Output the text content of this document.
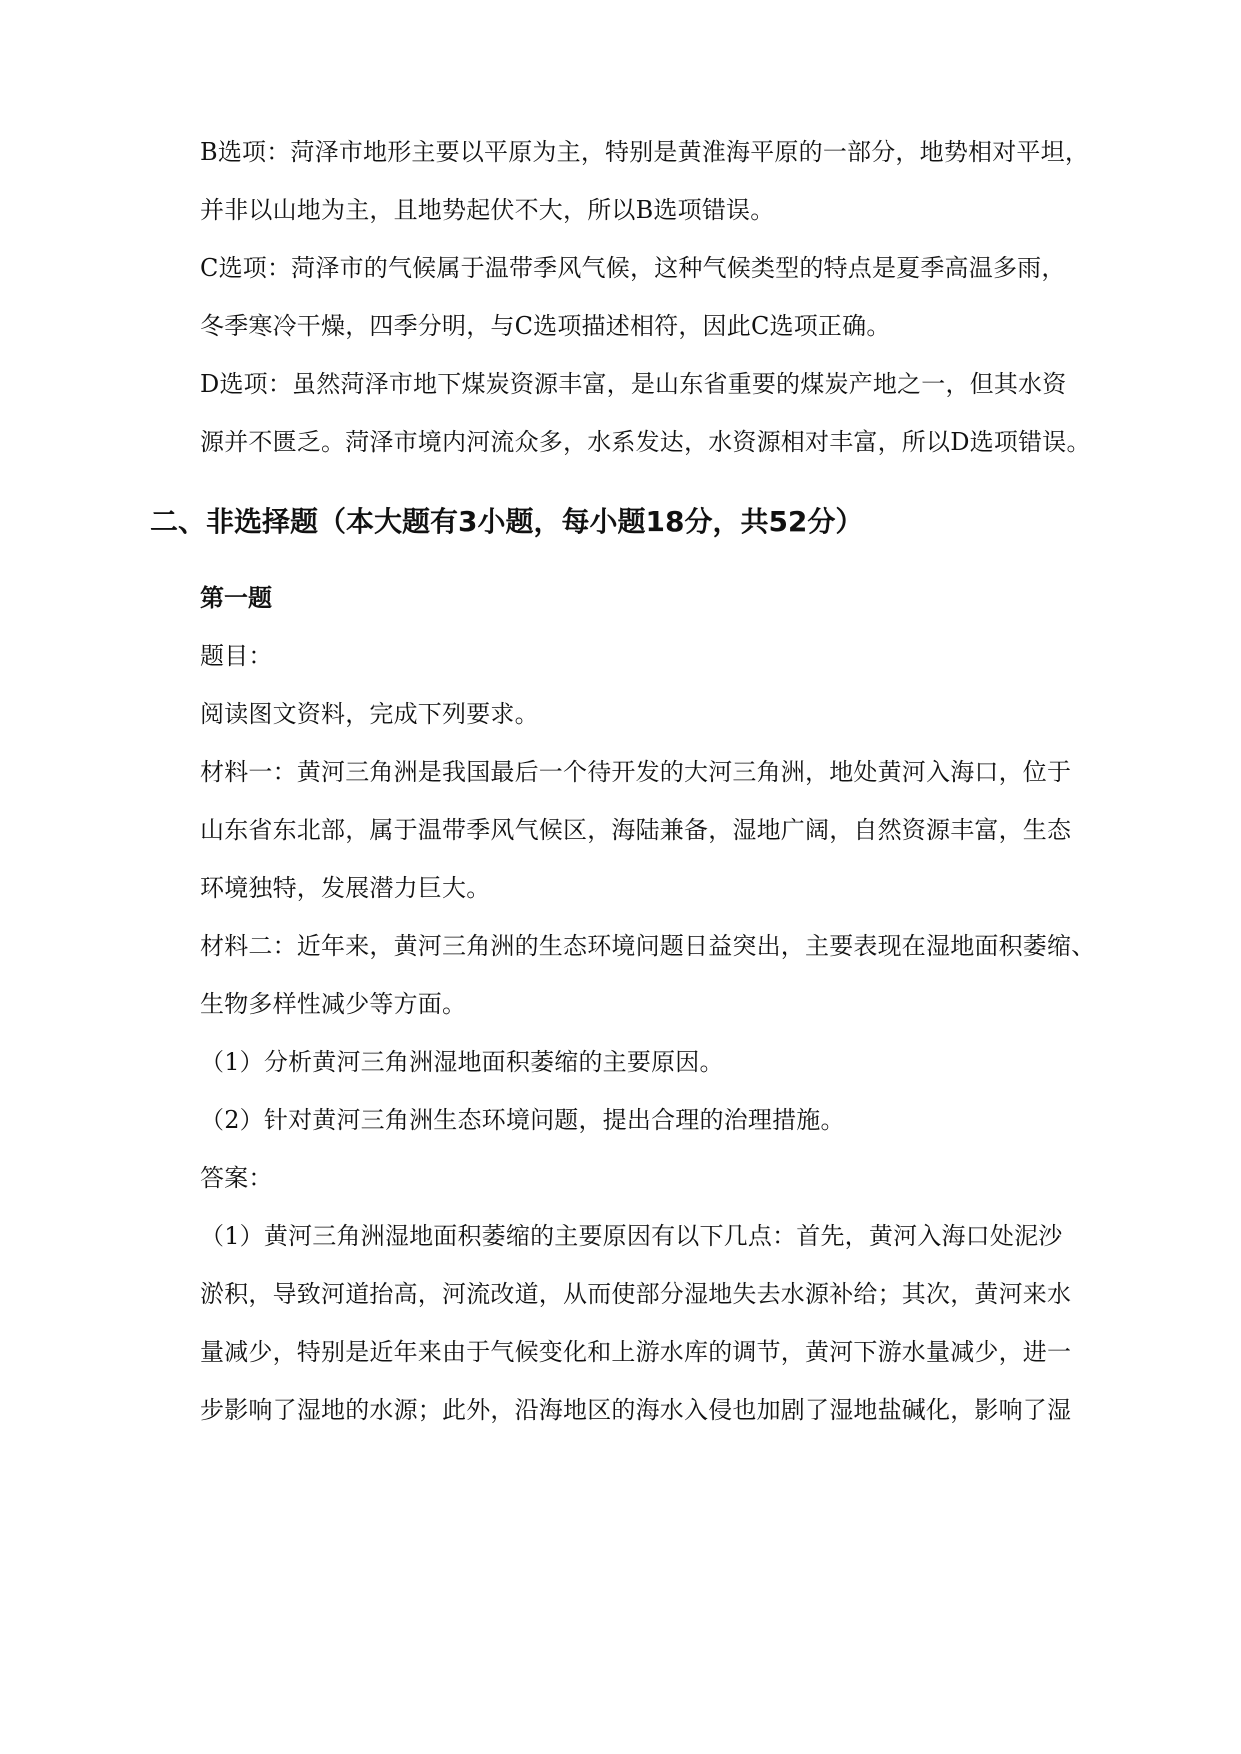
B选项：菏泽市地形主要以平原为主，特别是黄淮海平原的一部分，地势相对平坦，
并非以山地为主，且地势起伏不大，所以B选项错误。
C选项：菏泽市的气候属于温带季风气候，这种气候类型的特点是夏季高温多雨，
冬季寒冷干燥，四季分明，与C选项描述相符，因此C选项正确。
D选项：虽然菏泽市地下煤炭资源丰富，是山东省重要的煤炭产地之一，但其水资
源并不匮乏。菏泽市境内河流众多，水系发达，水资源相对丰富，所以D选项错误。
二、非选择题（本大题有3小题，每小题18分，共52分）
第一题
题目：
阅读图文资料，完成下列要求。
材料一：黄河三角洲是我国最后一个待开发的大河三角洲，地处黄河入海口，位于
山东省东北部，属于温带季风气候区，海陆兼备，湿地广阔，自然资源丰富，生态
环境独特，发展潜力巨大。
材料二：近年来，黄河三角洲的生态环境问题日益突出，主要表现在湿地面积萎缩、
生物多样性减少等方面。
（1）分析黄河三角洲湿地面积萎缩的主要原因。
（2）针对黄河三角洲生态环境问题，提出合理的治理措施。
答案：
（1）黄河三角洲湿地面积萎缩的主要原因有以下几点：首先，黄河入海口处泥沙
淤积，导致河道抬高，河流改道，从而使部分湿地失去水源补给；其次，黄河来水
量减少，特别是近年来由于气候变化和上游水库的调节，黄河下游水量减少，进一
步影响了湿地的水源；此外，沿海地区的海水入侵也加剧了湿地盐碱化，影响了湿
